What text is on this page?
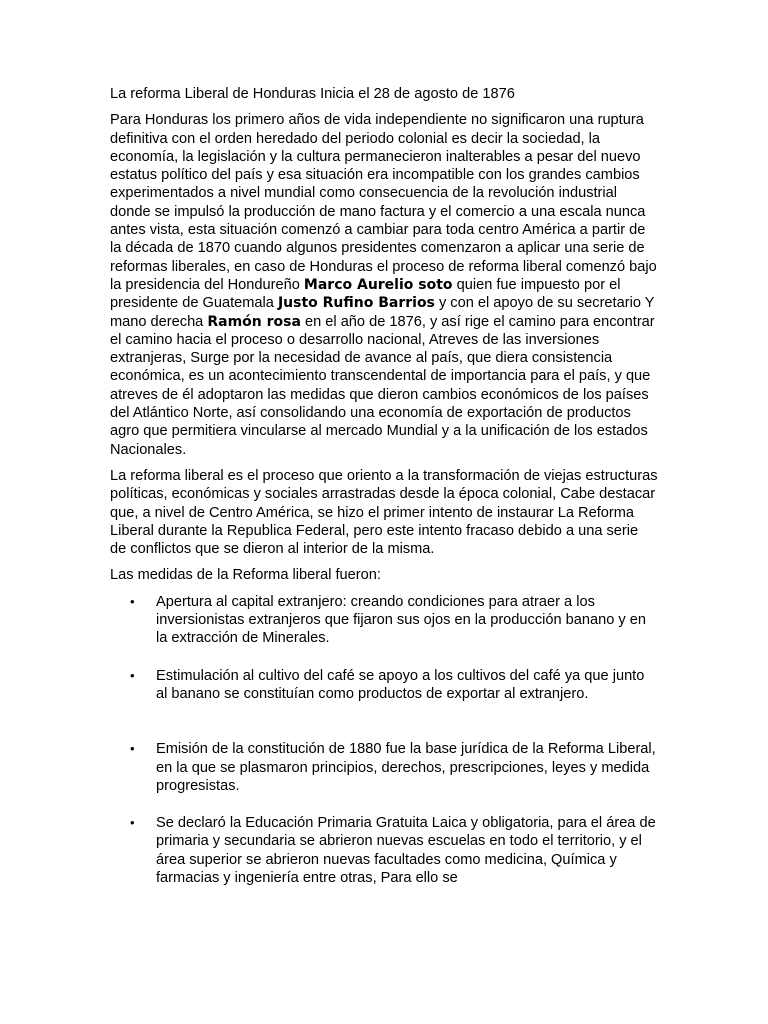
La reforma Liberal de Honduras Inicia el 28 de agosto de 1876
Para Honduras los primero años de vida independiente no significaron una ruptura definitiva con el orden heredado del periodo colonial es decir la sociedad, la economía, la legislación y la cultura permanecieron inalterables a pesar del nuevo estatus político del país y esa situación era incompatible con los grandes cambios experimentados a nivel mundial como consecuencia de la revolución industrial donde se impulsó la producción de mano factura y el comercio a una escala nunca antes vista, esta situación comenzó a cambiar para toda centro América a partir de la década de 1870 cuando algunos presidentes comenzaron a aplicar una serie de reformas liberales, en caso de Honduras el proceso de reforma liberal comenzó bajo la presidencia del Hondureño Marco Aurelio soto quien fue impuesto por el presidente de Guatemala Justo Rufino Barrios y con el apoyo de su secretario Y mano derecha Ramón rosa en el año de 1876, y así rige el camino para encontrar el camino hacia el proceso o desarrollo nacional, Atreves de las inversiones extranjeras, Surge por la necesidad de avance al país, que diera consistencia económica, es un acontecimiento transcendental de importancia para el país, y que atreves de él adoptaron las medidas que dieron cambios económicos de los países del Atlántico Norte, así consolidando una economía de exportación de productos agro que permitiera vincularse al mercado Mundial y a la unificación de los estados Nacionales.
La reforma liberal es el proceso que oriento a la transformación de viejas estructuras políticas, económicas y sociales arrastradas desde la época colonial, Cabe destacar que, a nivel de Centro América, se hizo el primer intento de instaurar La Reforma Liberal durante la Republica Federal, pero este intento fracaso debido a una serie de conflictos que se dieron al interior de la misma.
Las medidas de la Reforma liberal fueron:
• Apertura al capital extranjero: creando condiciones para atraer a los inversionistas extranjeros que fijaron sus ojos en la producción banano y en la extracción de Minerales.
• Estimulación al cultivo del café se apoyo a los cultivos del café ya que junto al banano se constituían como productos de exportar al extranjero.
• Emisión de la constitución de 1880 fue la base jurídica de la Reforma Liberal, en la que se plasmaron principios, derechos, prescripciones, leyes y medida progresistas.
• Se declaró la Educación Primaria Gratuita Laica y obligatoria, para el área de primaria y secundaria se abrieron nuevas escuelas en todo el territorio, y el área superior se abrieron nuevas facultades como medicina, Química y farmacias y ingeniería entre otras, Para ello se
